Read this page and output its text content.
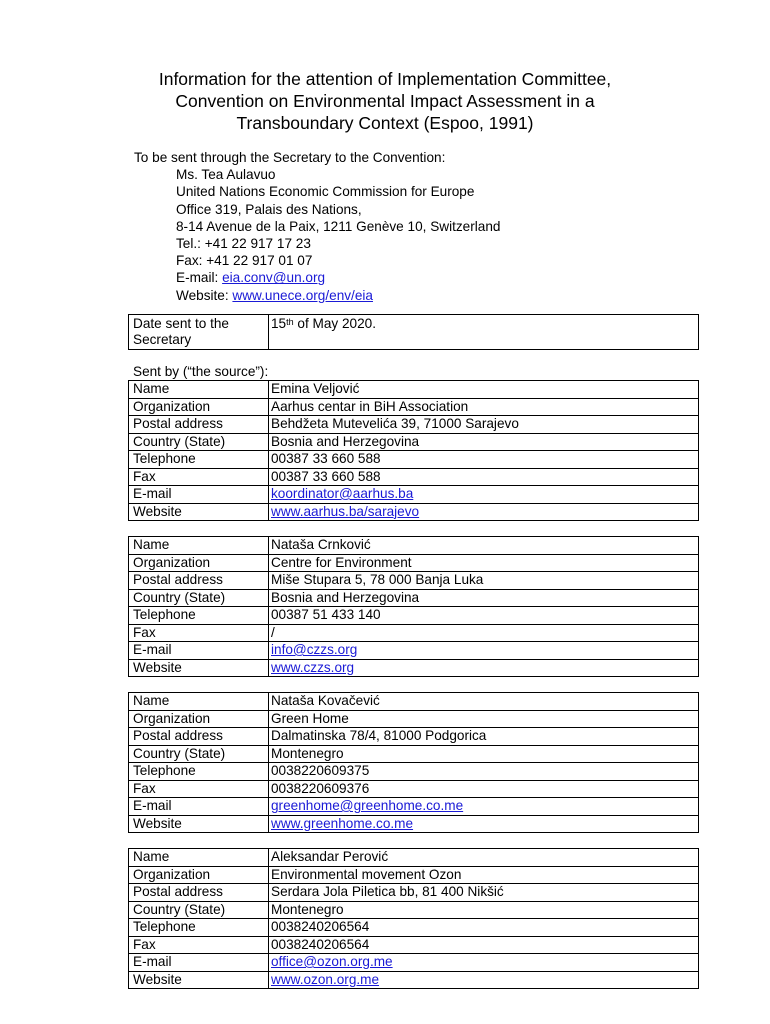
Information for the attention of Implementation Committee,
Convention on Environmental Impact Assessment in a
Transboundary Context (Espoo, 1991)
To be sent through the Secretary to the Convention:
Ms. Tea Aulavuo
United Nations Economic Commission for Europe
Office 319, Palais des Nations,
8-14 Avenue de la Paix, 1211 Genève 10, Switzerland
Tel.: +41 22 917 17 23
Fax: +41 22 917 01 07
E-mail: eia.conv@un.org
Website: www.unece.org/env/eia
Date sent to the Secretary	15th of May 2020.
Sent by (“the source”):
Name	Emina Veljović
Organization	Aarhus centar in BiH Association
Postal address	Behdžeta Mutevelića 39, 71000 Sarajevo
Country (State)	Bosnia and Herzegovina
Telephone	00387 33 660 588
Fax	00387 33 660 588
E-mail	koordinator@aarhus.ba
Website	www.aarhus.ba/sarajevo
Name	Nataša Crnković
Organization	Centre for Environment
Postal address	Miše Stupara 5, 78 000 Banja Luka
Country (State)	Bosnia and Herzegovina
Telephone	00387 51 433 140
Fax	/
E-mail	info@czzs.org
Website	www.czzs.org
Name	Nataša Kovačević
Organization	Green Home
Postal address	Dalmatinska 78/4, 81000 Podgorica
Country (State)	Montenegro
Telephone	0038220609375
Fax	0038220609376
E-mail	greenhome@greenhome.co.me
Website	www.greenhome.co.me
Name	Aleksandar Perović
Organization	Environmental movement Ozon
Postal address	Serdara Jola Piletica bb, 81 400 Nikšić
Country (State)	Montenegro
Telephone	0038240206564
Fax	0038240206564
E-mail	office@ozon.org.me
Website	www.ozon.org.me
